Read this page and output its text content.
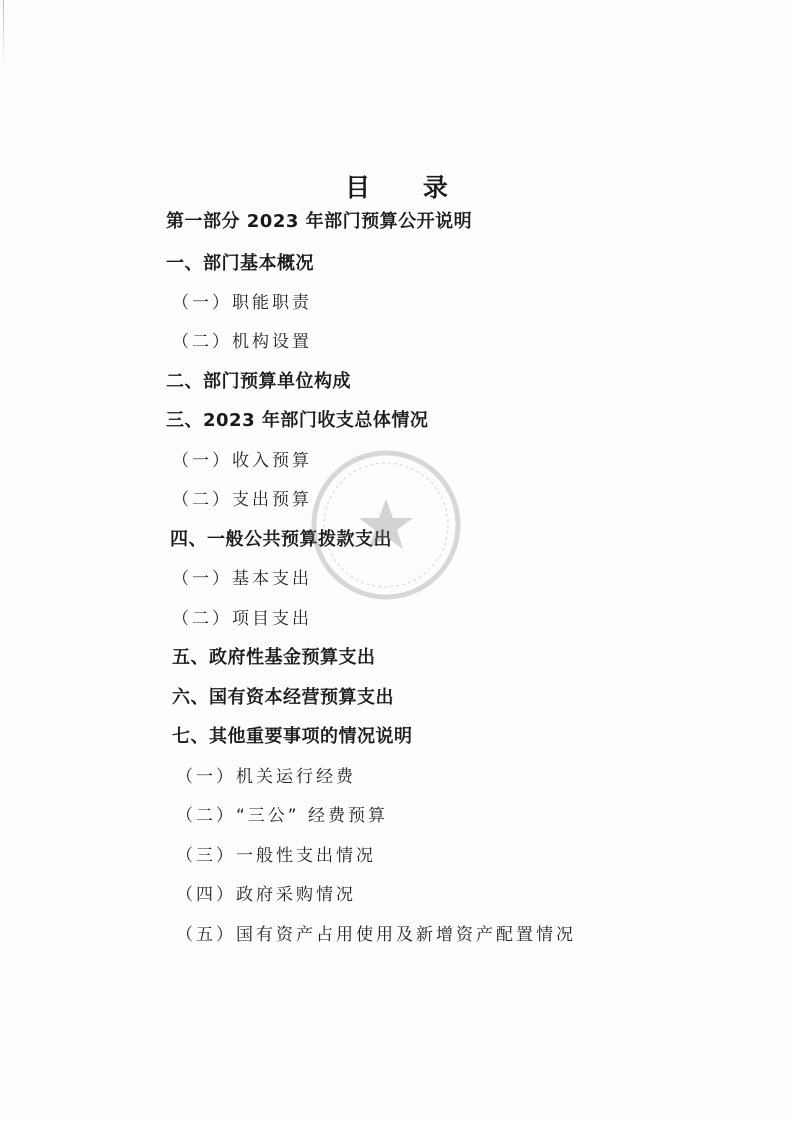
目 录
第一部分 2023 年部门预算公开说明
一、部门基本概况
（一）职能职责
（二）机构设置
二、部门预算单位构成
三、2023 年部门收支总体情况
（一）收入预算
（二）支出预算
四、一般公共预算拨款支出
（一）基本支出
（二）项目支出
五、政府性基金预算支出
六、国有资本经营预算支出
七、其他重要事项的情况说明
（一）机关运行经费
（二）“三公” 经费预算
（三）一般性支出情况
（四）政府采购情况
（五）国有资产占用使用及新增资产配置情况
